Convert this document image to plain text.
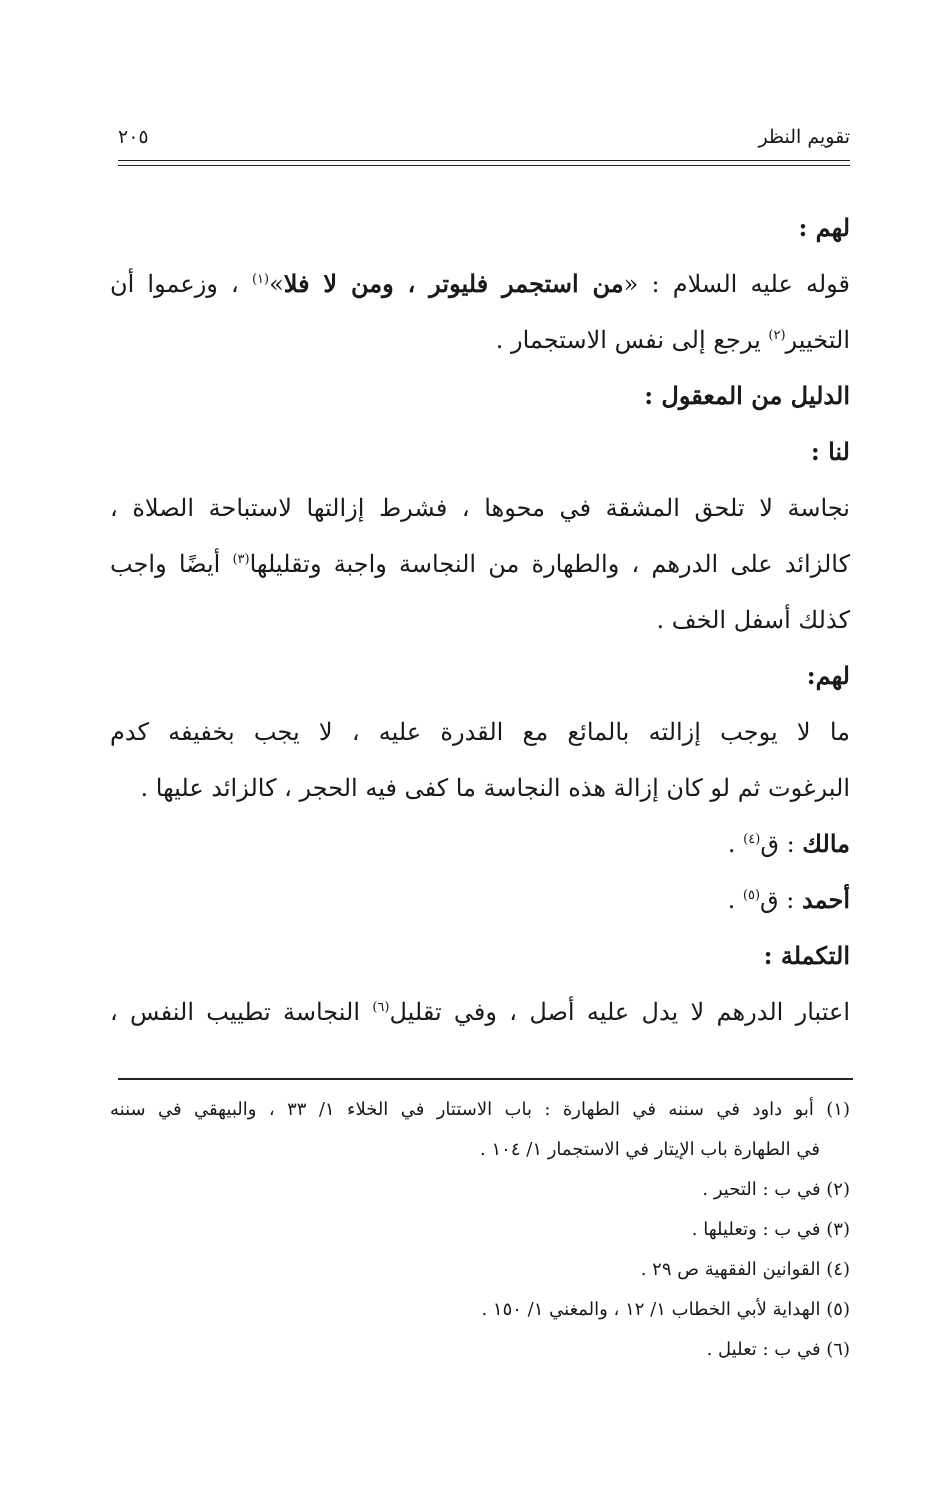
تقويم النظر
٢٠٥
لهم :
قوله عليه السلام : «من استجمر فليوتر ، ومن لا فلا»$^{(١)}$ ، وزعموا أن
التخيير$^{(٢)}$ يرجع إلى نفس الاستجمار .
الدليل من المعقول :
لنا :
نجاسة لا تلحق المشقة في محوها ، فشرط إزالتها لاستباحة الصلاة ،
كالزائد على الدرهم ، والطهارة من النجاسة واجبة وتقليلها$^{(٣)}$ أيضًا واجب
كذلك أسفل الخف .
لهم:
ما لا يوجب إزالته بالمائع مع القدرة عليه ، لا يجب بخفيفه كدم
البرغوت ثم لو كان إزالة هذه النجاسة ما كفى فيه الحجر ، كالزائد عليها .
مالك : ق$^{(٤)}$ .
أحمد : ق$^{(٥)}$ .
التكملة :
اعتبار الدرهم لا يدل عليه أصل ، وفي تقليل$^{(٦)}$ النجاسة تطييب النفس ،
(١) أبو داود في سننه في الطهارة : باب الاستتار في الخلاء ١/ ٣٣ ، والبيهقي في سننه
في الطهارة باب الإيتار في الاستجمار ١/ ١٠٤ .
(٢) في ب : التحير .
(٣) في ب : وتعليلها .
(٤) القوانين الفقهية ص ٢٩ .
(٥) الهداية لأبي الخطاب ١/ ١٢ ، والمغني ١/ ١٥٠ .
(٦) في ب : تعليل .
